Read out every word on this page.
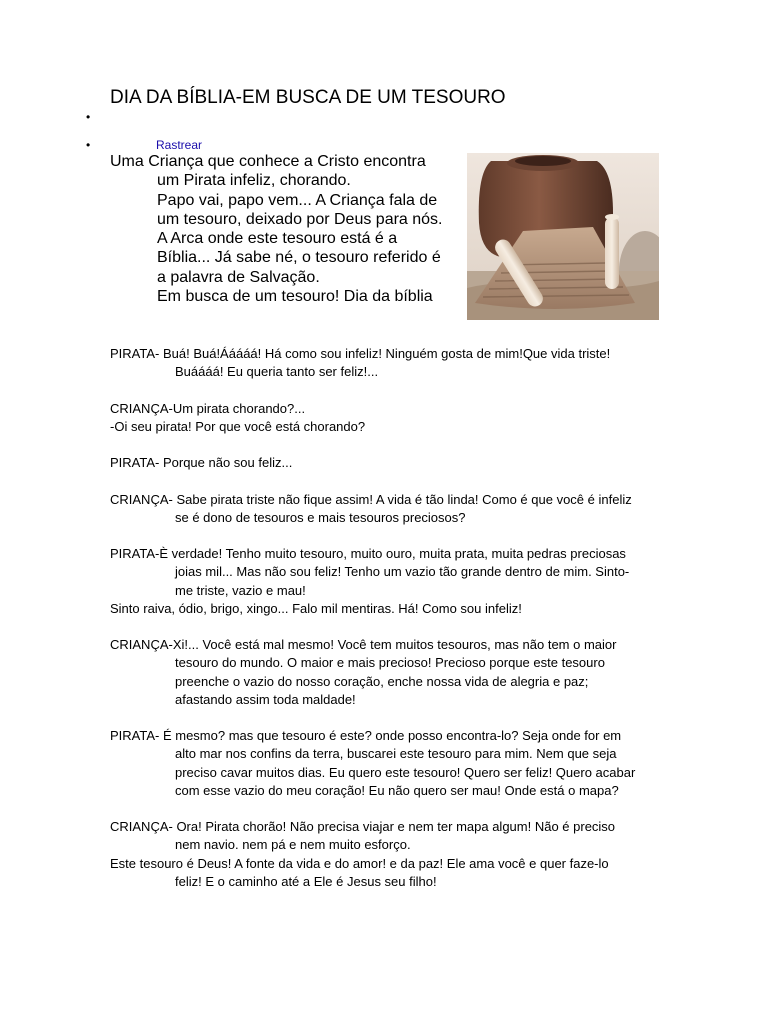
DIA DA BÍBLIA-EM BUSCA DE UM TESOURO
•
•	Rastrear
Uma Criança que conhece a Cristo encontra
um Pirata infeliz, chorando.
Papo vai, papo vem... A Criança fala de
um tesouro, deixado por Deus para nós.
A Arca onde este tesouro está é a
Bíblia... Já sabe né, o tesouro referido é
a palavra de Salvação.
Em busca de um tesouro! Dia da bíblia
PIRATA- Buá! Buá!Ááááá! Há como sou infeliz! Ninguém gosta de mim!Que vida triste!
Buáááá! Eu queria tanto ser feliz!...
CRIANÇA-Um pirata chorando?...
-Oi seu pirata! Por que você está chorando?
PIRATA- Porque não sou feliz...
CRIANÇA- Sabe pirata triste não fique assim! A vida é tão linda! Como é que você é infeliz
se é dono de tesouros e mais tesouros preciosos?
PIRATA-È verdade! Tenho muito tesouro, muito ouro, muita prata, muita pedras preciosas
joias mil... Mas não sou feliz! Tenho um vazio tão grande dentro de mim. Sinto-
me triste, vazio e mau!
Sinto raiva, ódio, brigo, xingo... Falo mil mentiras. Há! Como sou infeliz!
CRIANÇA-Xi!... Você está mal mesmo! Você tem muitos tesouros, mas não tem o maior
tesouro do mundo. O maior e mais precioso! Precioso porque este tesouro
preenche o vazio do nosso coração, enche nossa vida de alegria e paz;
afastando assim toda maldade!
PIRATA- É mesmo? mas que tesouro é este? onde posso encontra-lo? Seja onde for em
alto mar nos confins da terra, buscarei este tesouro para mim. Nem que seja
preciso cavar muitos dias. Eu quero este tesouro! Quero ser feliz! Quero acabar
com esse vazio do meu coração! Eu não quero ser mau! Onde está o mapa?
CRIANÇA- Ora! Pirata chorão! Não precisa viajar e nem ter mapa algum! Não é preciso
nem navio. nem pá e nem muito esforço.
Este tesouro é Deus! A fonte da vida e do amor! e da paz! Ele ama você e quer faze-lo
feliz! E o caminho até a Ele é Jesus seu filho!
